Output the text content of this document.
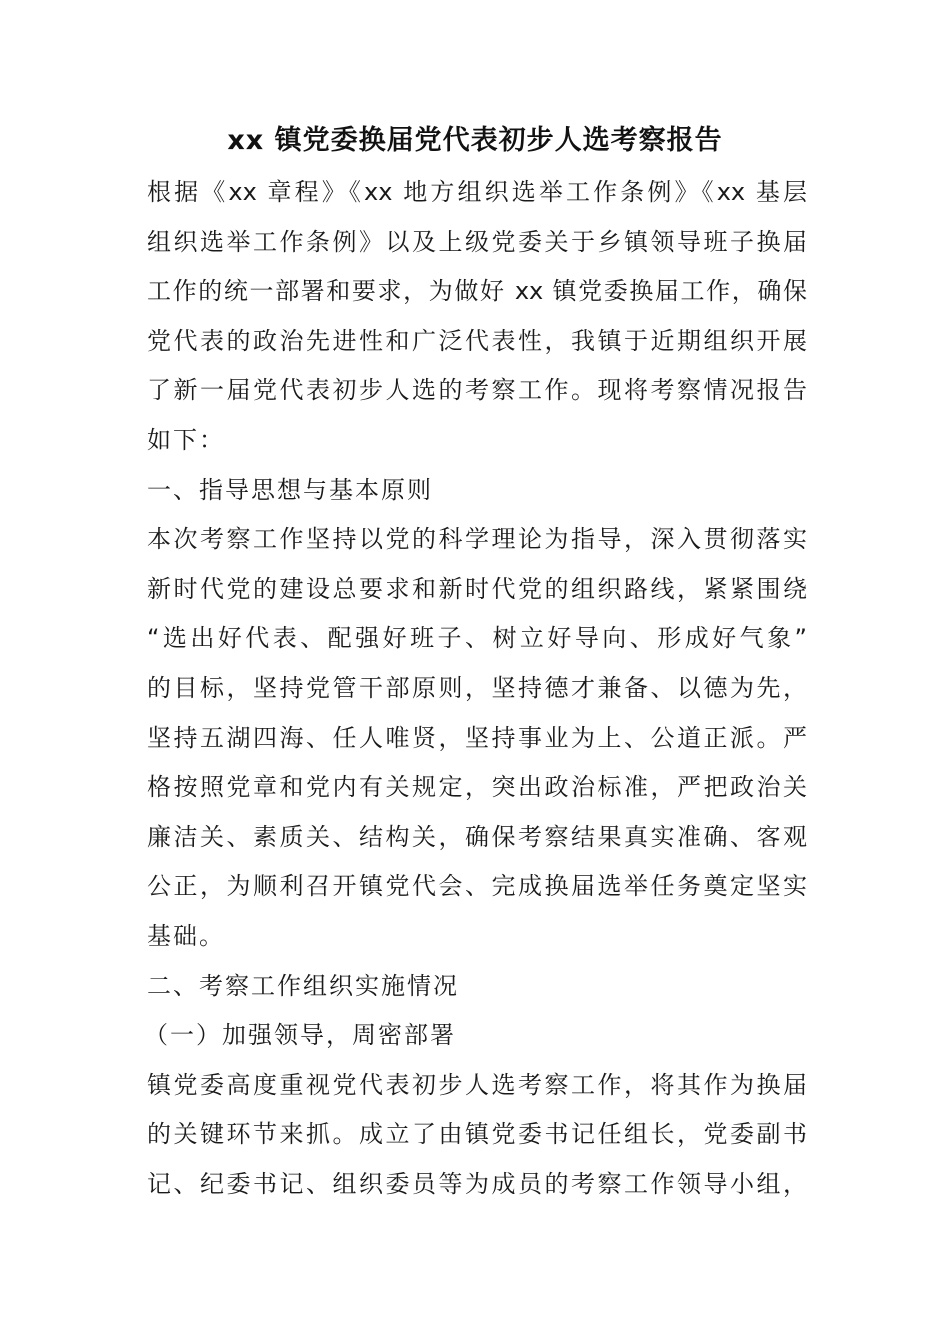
xx 镇党委换届党代表初步人选考察报告
根据《xx 章程》《xx 地方组织选举工作条例》《xx 基层
组织选举工作条例》以及上级党委关于乡镇领导班子换届
工作的统一部署和要求，为做好 xx 镇党委换届工作，确保
党代表的政治先进性和广泛代表性，我镇于近期组织开展
了新一届党代表初步人选的考察工作。现将考察情况报告
如下：
一、指导思想与基本原则
本次考察工作坚持以党的科学理论为指导，深入贯彻落实
新时代党的建设总要求和新时代党的组织路线，紧紧围绕
“选出好代表、配强好班子、树立好导向、形成好气象”
的目标，坚持党管干部原则，坚持德才兼备、以德为先，
坚持五湖四海、任人唯贤，坚持事业为上、公道正派。严
格按照党章和党内有关规定，突出政治标准，严把政治关
廉洁关、素质关、结构关，确保考察结果真实准确、客观
公正，为顺利召开镇党代会、完成换届选举任务奠定坚实
基础。
二、考察工作组织实施情况
（一）加强领导，周密部署
镇党委高度重视党代表初步人选考察工作，将其作为换届
的关键环节来抓。成立了由镇党委书记任组长，党委副书
记、纪委书记、组织委员等为成员的考察工作领导小组，
